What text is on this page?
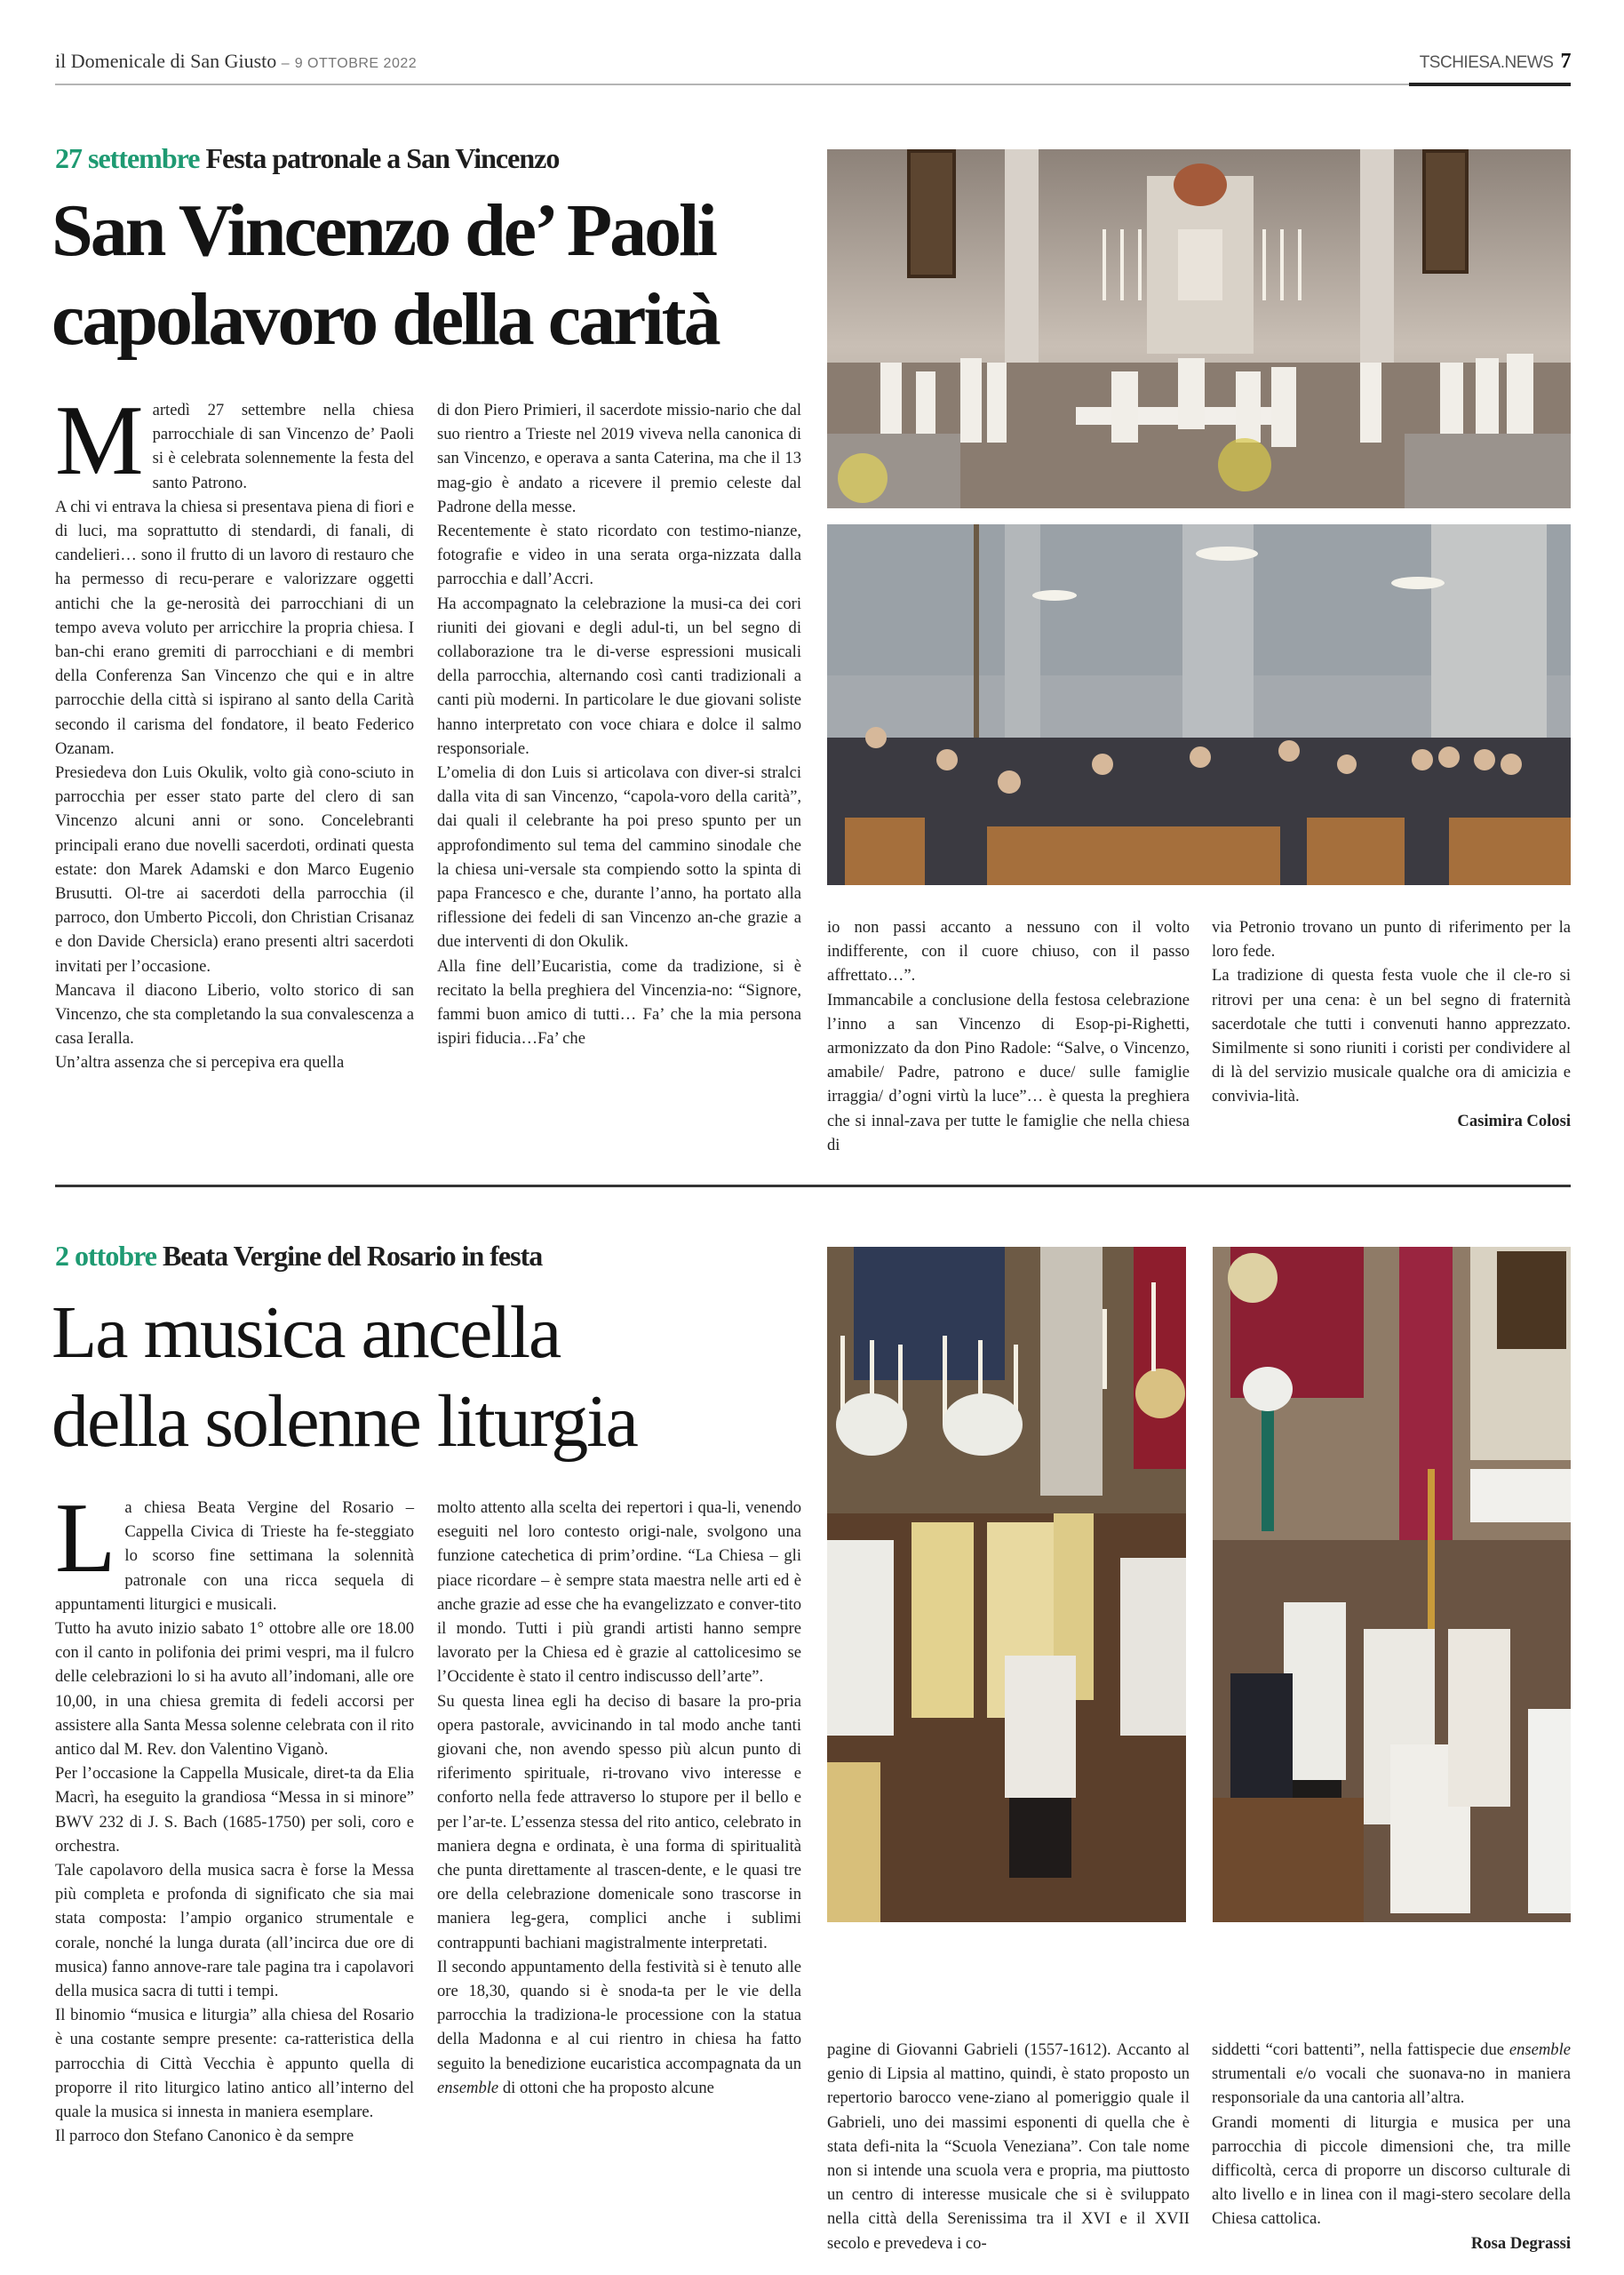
il Domenicale di San Giusto – 9 OTTOBRE 2022	TSCHIESA.NEWS 7
27 settembre Festa patronale a San Vincenzo
San Vincenzo de’ Paoli
capolavoro della carità
M artedì 27 settembre nella chiesa parrocchiale di san Vincenzo de’ Paoli si è celebrata solennemente la festa del santo Patrono.

A chi vi entrava la chiesa si presentava piena di fiori e di luci, ma soprattutto di stendardi, di fanali, di candelieri… sono il frutto di un lavoro di restauro che ha permesso di recu-perare e valorizzare oggetti antichi che la ge-nerosità dei parrocchiani di un tempo aveva voluto per arricchire la propria chiesa. I ban-chi erano gremiti di parrocchiani e di membri della Conferenza San Vincenzo che qui e in altre parrocchie della città si ispirano al santo della Carità secondo il carisma del fondatore, il beato Federico Ozanam.

Presiedeva don Luis Okulik, volto già cono-sciuto in parrocchia per esser stato parte del clero di san Vincenzo alcuni anni or sono. Concelebranti principali erano due novelli sacerdoti, ordinati questa estate: don Marek Adamski e don Marco Eugenio Brusutti. Ol-tre ai sacerdoti della parrocchia (il parroco, don Umberto Piccoli, don Christian Crisanaz e don Davide Chersicla) erano presenti altri sacerdoti invitati per l’occasione.

Mancava il diacono Liberio, volto storico di san Vincenzo, che sta completando la sua convalescenza a casa Ieralla.

Un’altra assenza che si percepiva era quella

di don Piero Primieri, il sacerdote missio-nario che dal suo rientro a Trieste nel 2019 viveva nella canonica di san Vincenzo, e operava a santa Caterina, ma che il 13 mag-gio è andato a ricevere il premio celeste dal Padrone della messe.

Recentemente è stato ricordato con testimo-nianze, fotografie e video in una serata orga-nizzata dalla parrocchia e dall’Accri.

Ha accompagnato la celebrazione la musi-ca dei cori riuniti dei giovani e degli adul-ti, un bel segno di collaborazione tra le di-verse espressioni musicali della parrocchia, alternando così canti tradizionali a canti più moderni. In particolare le due giovani soliste hanno interpretato con voce chiara e dolce il salmo responsoriale.

L’omelia di don Luis si articolava con diver-si stralci dalla vita di san Vincenzo, “capola-voro della carità”, dai quali il celebrante ha poi preso spunto per un approfondimento sul tema del cammino sinodale che la chiesa uni-versale sta compiendo sotto la spinta di papa Francesco e che, durante l’anno, ha portato alla riflessione dei fedeli di san Vincenzo an-che grazie a due interventi di don Okulik.

Alla fine dell’Eucaristia, come da tradizione, si è recitato la bella preghiera del Vincenzia-no: “Signore, fammi buon amico di tutti… Fa’ che la mia persona ispiri fiducia…Fa’ che

io non passi accanto a nessuno con il volto indifferente, con il cuore chiuso, con il passo affrettato…”.

Immancabile a conclusione della festosa celebrazione l’inno a san Vincenzo di Esop-pi-Righetti, armonizzato da don Pino Radole: “Salve, o Vincenzo, amabile/ Padre, patrono e duce/ sulle famiglie irraggia/ d’ogni virtù la luce”… è questa la preghiera che si innal-zava per tutte le famiglie che nella chiesa di

via Petronio trovano un punto di riferimento per la loro fede.

La tradizione di questa festa vuole che il cle-ro si ritrovi per una cena: è un bel segno di fraternità sacerdotale che tutti i convenuti hanno apprezzato. Similmente si sono riuniti i coristi per condividere al di là del servizio musicale qualche ora di amicizia e convivia-lità.

Casimira Colosi

2 ottobre Beata Vergine del Rosario in festa
La musica ancella
della solenne liturgia
L a chiesa Beata Vergine del Rosario – Cappella Civica di Trieste ha fe-steggiato lo scorso fine settimana la solennità patronale con una ricca sequela di appuntamenti liturgici e musicali.

Tutto ha avuto inizio sabato 1° ottobre alle ore 18.00 con il canto in polifonia dei primi vespri, ma il fulcro delle celebrazioni lo si ha avuto all’indomani, alle ore 10,00, in una chiesa gremita di fedeli accorsi per assistere alla Santa Messa solenne celebrata con il rito antico dal M. Rev. don Valentino Viganò.

Per l’occasione la Cappella Musicale, diret-ta da Elia Macrì, ha eseguito la grandiosa “Messa in si minore” BWV 232 di J. S. Bach (1685-1750) per soli, coro e orchestra.

Tale capolavoro della musica sacra è forse la Messa più completa e profonda di significato che sia mai stata composta: l’ampio organico strumentale e corale, nonché la lunga durata (all’incirca due ore di musica) fanno annove-rare tale pagina tra i capolavori della musica sacra di tutti i tempi.

Il binomio “musica e liturgia” alla chiesa del Rosario è una costante sempre presente: ca-ratteristica della parrocchia di Città Vecchia è appunto quella di proporre il rito liturgico latino antico all’interno del quale la musica si innesta in maniera esemplare.

Il parroco don Stefano Canonico è da sempre

molto attento alla scelta dei repertori i qua-li, venendo eseguiti nel loro contesto origi-nale, svolgono una funzione catechetica di prim’ordine. “La Chiesa – gli piace ricordare – è sempre stata maestra nelle arti ed è anche grazie ad esse che ha evangelizzato e conver-tito il mondo. Tutti i più grandi artisti hanno sempre lavorato per la Chiesa ed è grazie al cattolicesimo se l’Occidente è stato il centro indiscusso dell’arte”.

Su questa linea egli ha deciso di basare la pro-pria opera pastorale, avvicinando in tal modo anche tanti giovani che, non avendo spesso più alcun punto di riferimento spirituale, ri-trovano vivo interesse e conforto nella fede attraverso lo stupore per il bello e per l’ar-te. L’essenza stessa del rito antico, celebrato in maniera degna e ordinata, è una forma di spiritualità che punta direttamente al trascen-dente, e le quasi tre ore della celebrazione domenicale sono trascorse in maniera leg-gera, complici anche i sublimi contrappunti bachiani magistralmente interpretati.

Il secondo appuntamento della festività si è tenuto alle ore 18,30, quando si è snoda-ta per le vie della parrocchia la tradiziona-le processione con la statua della Madonna e al cui rientro in chiesa ha fatto seguito la benedizione eucaristica accompagnata da un ensemble di ottoni che ha proposto alcune

pagine di Giovanni Gabrieli (1557-1612). Accanto al genio di Lipsia al mattino, quindi, è stato proposto un repertorio barocco vene-ziano al pomeriggio quale il Gabrieli, uno dei massimi esponenti di quella che è stata defi-nita la “Scuola Veneziana”. Con tale nome non si intende una scuola vera e propria, ma piuttosto un centro di interesse musicale che si è sviluppato nella città della Serenissima tra il XVI e il XVII secolo e prevedeva i co-

siddetti “cori battenti”, nella fattispecie due ensemble strumentali e/o vocali che suonava-no in maniera responsoriale da una cantoria all’altra.

Grandi momenti di liturgia e musica per una parrocchia di piccole dimensioni che, tra mille difficoltà, cerca di proporre un discorso culturale di alto livello e in linea con il magi-stero secolare della Chiesa cattolica.

Rosa Degrassi
